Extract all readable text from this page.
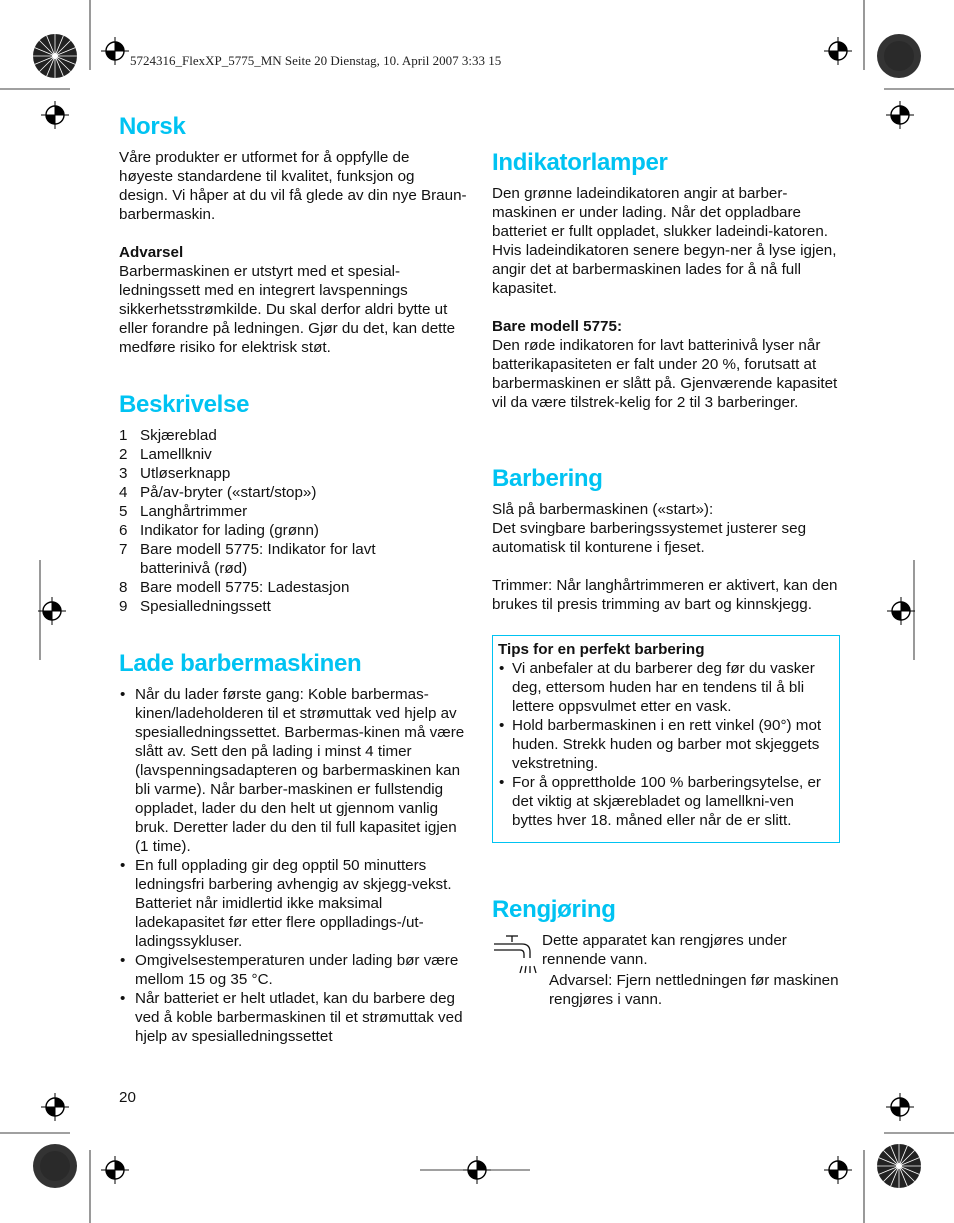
5724316_FlexXP_5775_MN Seite 20 Dienstag, 10. April 2007 3:33 15
Norsk

Våre produkter er utformet for å oppfylle de høyeste standardene til kvalitet, funksjon og design. Vi håper at du vil få glede av din nye Braun-barbermaskin.

Advarsel

Barbermaskinen er utstyrt med et spesial-ledningssett med en integrert lavspennings sikkerhetsstrømkilde. Du skal derfor aldri bytte ut eller forandre på ledningen. Gjør du det, kan dette medføre risiko for elektrisk støt.

Beskrivelse
1 Skjæreblad
2 Lamellkniv
3 Utløserknapp
4 På/av-bryter («start/stop»)
5 Langhårtrimmer
6 Indikator for lading (grønn)
7 Bare modell 5775: Indikator for lavt batterinivå (rød)
8 Bare modell 5775: Ladestasjon
9 Spesialledningssett
Lade barbermaskinen
• Når du lader første gang: Koble barbermas-kinen/ladeholderen til et strømuttak ved hjelp av spesialledningssettet. Barbermas-kinen må være slått av. Sett den på lading i minst 4 timer (lavspenningsadapteren og barbermaskinen kan bli varme). Når barber-maskinen er fullstendig oppladet, lader du den helt ut gjennom vanlig bruk. Deretter lader du den til full kapasitet igjen (1 time).
• En full opplading gir deg opptil 50 minutters ledningsfri barbering avhengig av skjegg-vekst. Batteriet når imidlertid ikke maksimal ladekapasitet før etter flere opplladings-/ut-ladingssykluser.
• Omgivelsestemperaturen under lading bør være mellom 15 og 35 °C.
• Når batteriet er helt utladet, kan du barbere deg ved å koble barbermaskinen til et strømuttak ved hjelp av spesialledningssettet
20
Indikatorlamper

Den grønne ladeindikatoren angir at barber-maskinen er under lading. Når det oppladbare batteriet er fullt oppladet, slukker ladeindi-katoren. Hvis ladeindikatoren senere begyn-ner å lyse igjen, angir det at barbermaskinen lades for å nå full kapasitet.

Bare modell 5775:

Den røde indikatoren for lavt batterinivå lyser når batterikapasiteten er falt under 20 %, forutsatt at barbermaskinen er slått på. Gjenværende kapasitet vil da være tilstrek-kelig for 2 til 3 barberinger.

Barbering

Slå på barbermaskinen («start»):

Det svingbare barberingssystemet justerer seg automatisk til konturene i fjeset.

Trimmer: Når langhårtrimmeren er aktivert, kan den brukes til presis trimming av bart og kinnskjegg.

Tips for en perfekt barbering

• Vi anbefaler at du barberer deg før du vasker deg, ettersom huden har en tendens til å bli lettere oppsvulmet etter en vask.
• Hold barbermaskinen i en rett vinkel (90°) mot huden. Strekk huden og barber mot skjeggets vekstretning.
• For å opprettholde 100 % barberingsytelse, er det viktig at skjærebladet og lamellkni-ven byttes hver 18. måned eller når de er slitt.
Rengjøring

Dette apparatet kan rengjøres under rennende vann.

Advarsel: Fjern nettledningen før maskinen rengjøres i vann.
